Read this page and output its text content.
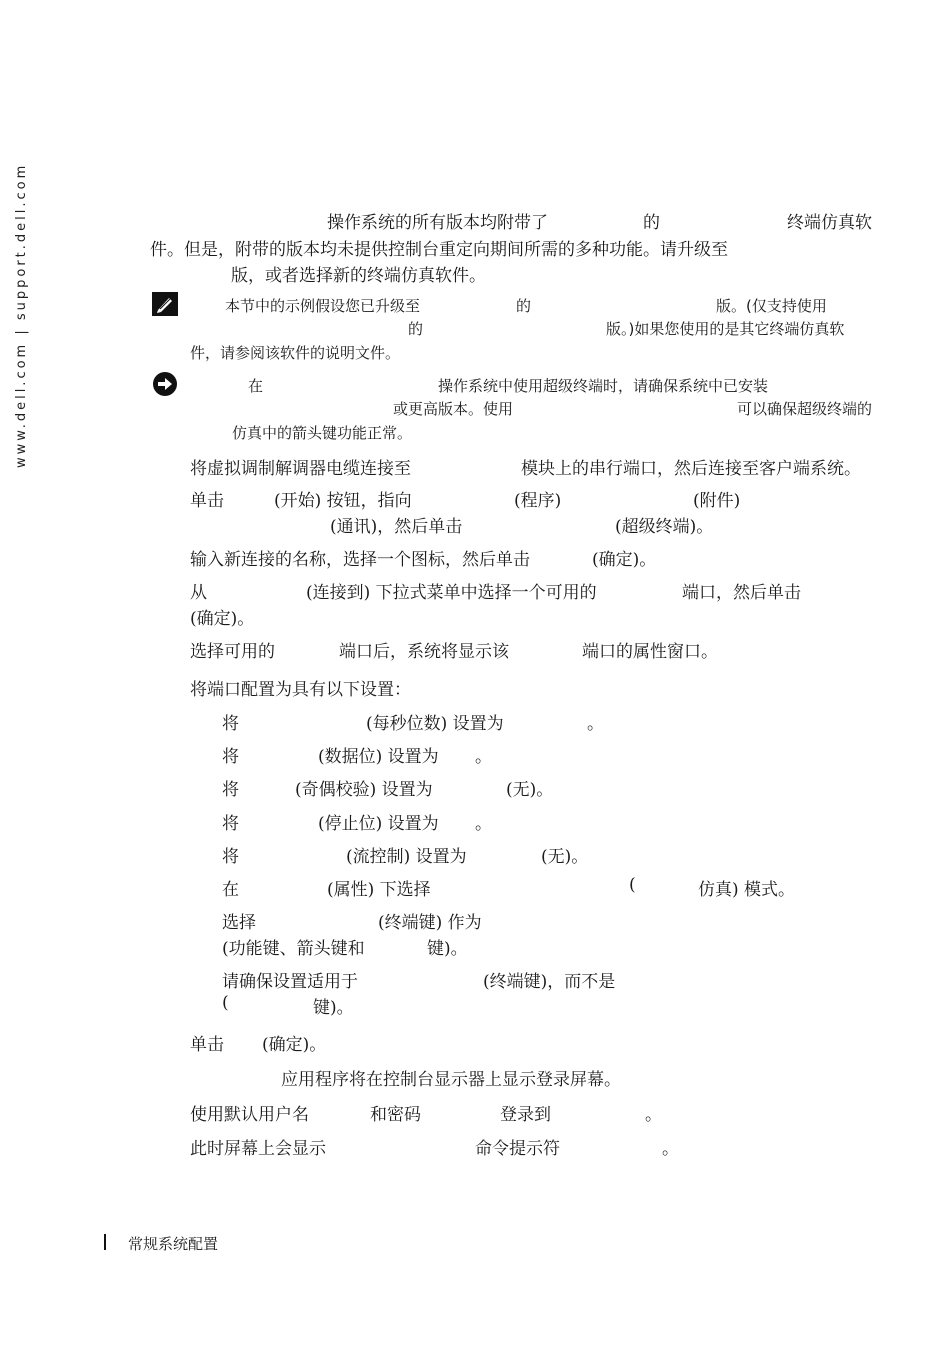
www.dell.com | support.dell.com	操作系统的所有版本均附带了	的	终端仿真软
件。但是，附带的版本均未提供控制台重定向期间所需的多种功能。请升级至
版，或者选择新的终端仿真软件。
本节中的示例假设您已升级至	的	版。(仅支持使用
的	版。)如果您使用的是其它终端仿真软
件，请参阅该软件的说明文件。
在	操作系统中使用超级终端时，请确保系统中已安装
或更高版本。使用	可以确保超级终端的
仿真中的箭头键功能正常。
将虚拟调制解调器电缆连接至	模块上的串行端口，然后连接至客户端系统。
单击	(开始) 按钮，指向	(程序)	(附件)
(通讯)，然后单击	(超级终端)。
输入新连接的名称，选择一个图标，然后单击	(确定)。
从	(连接到) 下拉式菜单中选择一个可用的	端口，然后单击
(确定)。
选择可用的	端口后，系统将显示该	端口的属性窗口。
将端口配置为具有以下设置：
将	(每秒位数) 设置为	。
将	(数据位) 设置为 。
将	(奇偶校验) 设置为	(无)。
将	(停止位) 设置为 。
将	(流控制) 设置为	(无)。
在	(属性) 下选择	(	仿真) 模式。
选择	(终端键) 作为
(功能键、箭头键和	键)。
请确保设置适用于	(终端键)，而不是
(	键)。
单击 (确定)。
应用程序将在控制台显示器上显示登录屏幕。
使用默认用户名	和密码	登录到	。
此时屏幕上会显示	命令提示符	。
常规系统配置
